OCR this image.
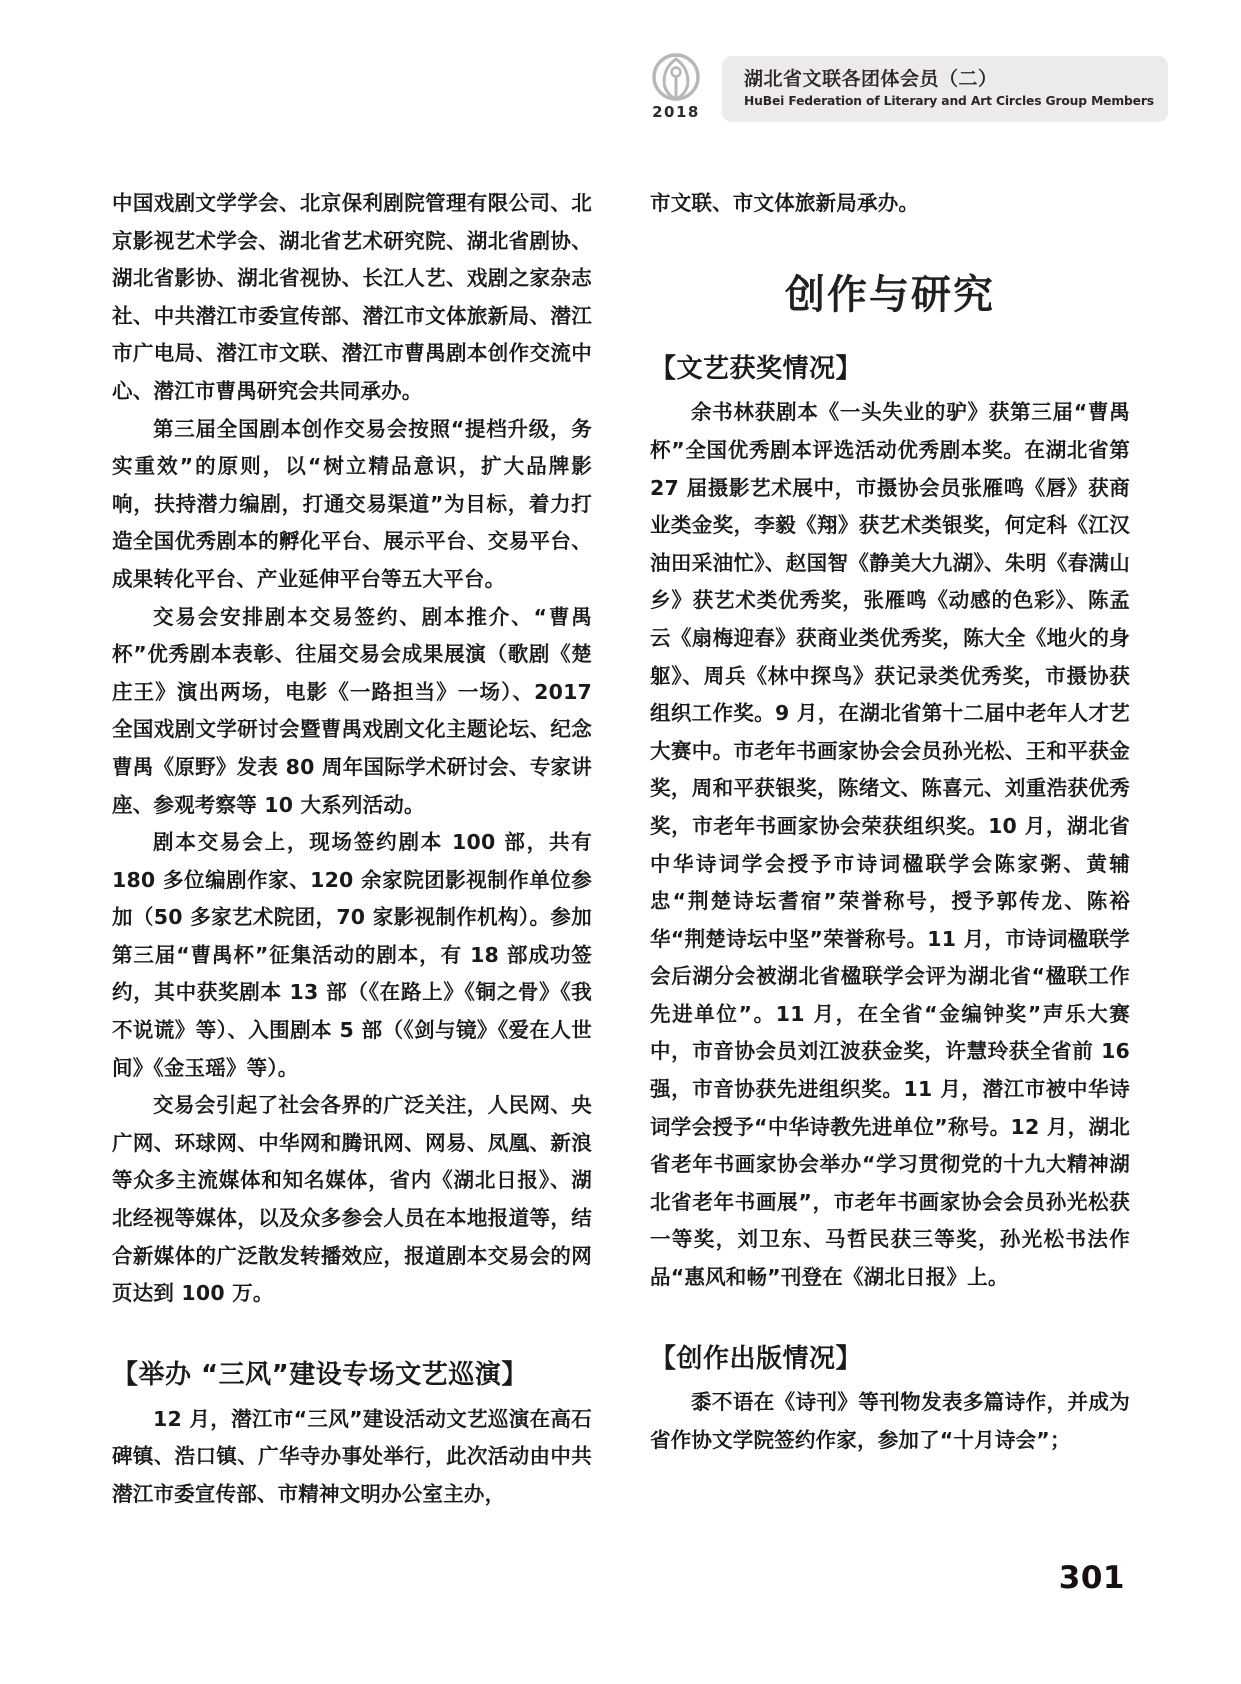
2018
湖北省文联各团体会员（二）
HuBei Federation of Literary and Art Circles Group Members

中国戏剧文学学会、北京保利剧院管理有限公司、北京影视艺术学会、湖北省艺术研究院、湖北省剧协、湖北省影协、湖北省视协、长江人艺、戏剧之家杂志社、中共潜江市委宣传部、潜江市文体旅新局、潜江市广电局、潜江市文联、潜江市曹禺剧本创作交流中心、潜江市曹禺研究会共同承办。

第三届全国剧本创作交易会按照“提档升级，务实重效”的原则，以“树立精品意识，扩大品牌影响，扶持潜力编剧，打通交易渠道”为目标，着力打造全国优秀剧本的孵化平台、展示平台、交易平台、成果转化平台、产业延伸平台等五大平台。

交易会安排剧本交易签约、剧本推介、“曹禺杯”优秀剧本表彰、往届交易会成果展演（歌剧《楚庄王》演出两场，电影《一路担当》一场）、2017 全国戏剧文学研讨会暨曹禺戏剧文化主题论坛、纪念曹禺《原野》发表 80 周年国际学术研讨会、专家讲座、参观考察等 10 大系列活动。

剧本交易会上，现场签约剧本 100 部，共有 180 多位编剧作家、120 余家院团影视制作单位参加（50 多家艺术院团，70 家影视制作机构）。参加第三届“曹禺杯”征集活动的剧本，有 18 部成功签约，其中获奖剧本 13 部（《在路上》《铜之骨》《我不说谎》等）、入围剧本 5 部（《剑与镜》《爱在人世间》《金玉瑶》等）。

交易会引起了社会各界的广泛关注，人民网、央广网、环球网、中华网和腾讯网、网易、凤凰、新浪等众多主流媒体和知名媒体，省内《湖北日报》、湖北经视等媒体，以及众多参会人员在本地报道等，结合新媒体的广泛散发转播效应，报道剧本交易会的网页达到 100 万。

【举办 “三风”建设专场文艺巡演】

12 月，潜江市“三风”建设活动文艺巡演在高石碑镇、浩口镇、广华寺办事处举行，此次活动由中共潜江市委宣传部、市精神文明办公室主办，

市文联、市文体旅新局承办。

创作与研究
【文艺获奖情况】

余书林获剧本《一头失业的驴》获第三届“曹禺杯”全国优秀剧本评选活动优秀剧本奖。在湖北省第 27 届摄影艺术展中，市摄协会员张雁鸣《唇》获商业类金奖，李毅《翔》获艺术类银奖，何定科《江汉油田采油忙》、赵国智《静美大九湖》、朱明《春满山乡》获艺术类优秀奖，张雁鸣《动感的色彩》、陈孟云《扇梅迎春》获商业类优秀奖，陈大全《地火的身躯》、周兵《林中探鸟》获记录类优秀奖，市摄协获组织工作奖。9 月，在湖北省第十二届中老年人才艺大赛中。市老年书画家协会会员孙光松、王和平获金奖，周和平获银奖，陈绪文、陈喜元、刘重浩获优秀奖，市老年书画家协会荣获组织奖。10 月，湖北省中华诗词学会授予市诗词楹联学会陈家粥、黄辅忠“荆楚诗坛耆宿”荣誉称号，授予郭传龙、陈裕华“荆楚诗坛中坚”荣誉称号。11 月，市诗词楹联学会后湖分会被湖北省楹联学会评为湖北省“楹联工作先进单位”。11 月，在全省“金编钟奖”声乐大赛中，市音协会员刘江波获金奖，许慧玲获全省前 16 强，市音协获先进组织奖。11 月，潜江市被中华诗词学会授予“中华诗教先进单位”称号。12 月，湖北省老年书画家协会举办“学习贯彻党的十九大精神湖北省老年书画展”，市老年书画家协会会员孙光松获一等奖，刘卫东、马哲民获三等奖，孙光松书法作品“惠风和畅”刊登在《湖北日报》上。

【创作出版情况】

黍不语在《诗刊》等刊物发表多篇诗作，并成为省作协文学院签约作家，参加了“十月诗会”；

301
